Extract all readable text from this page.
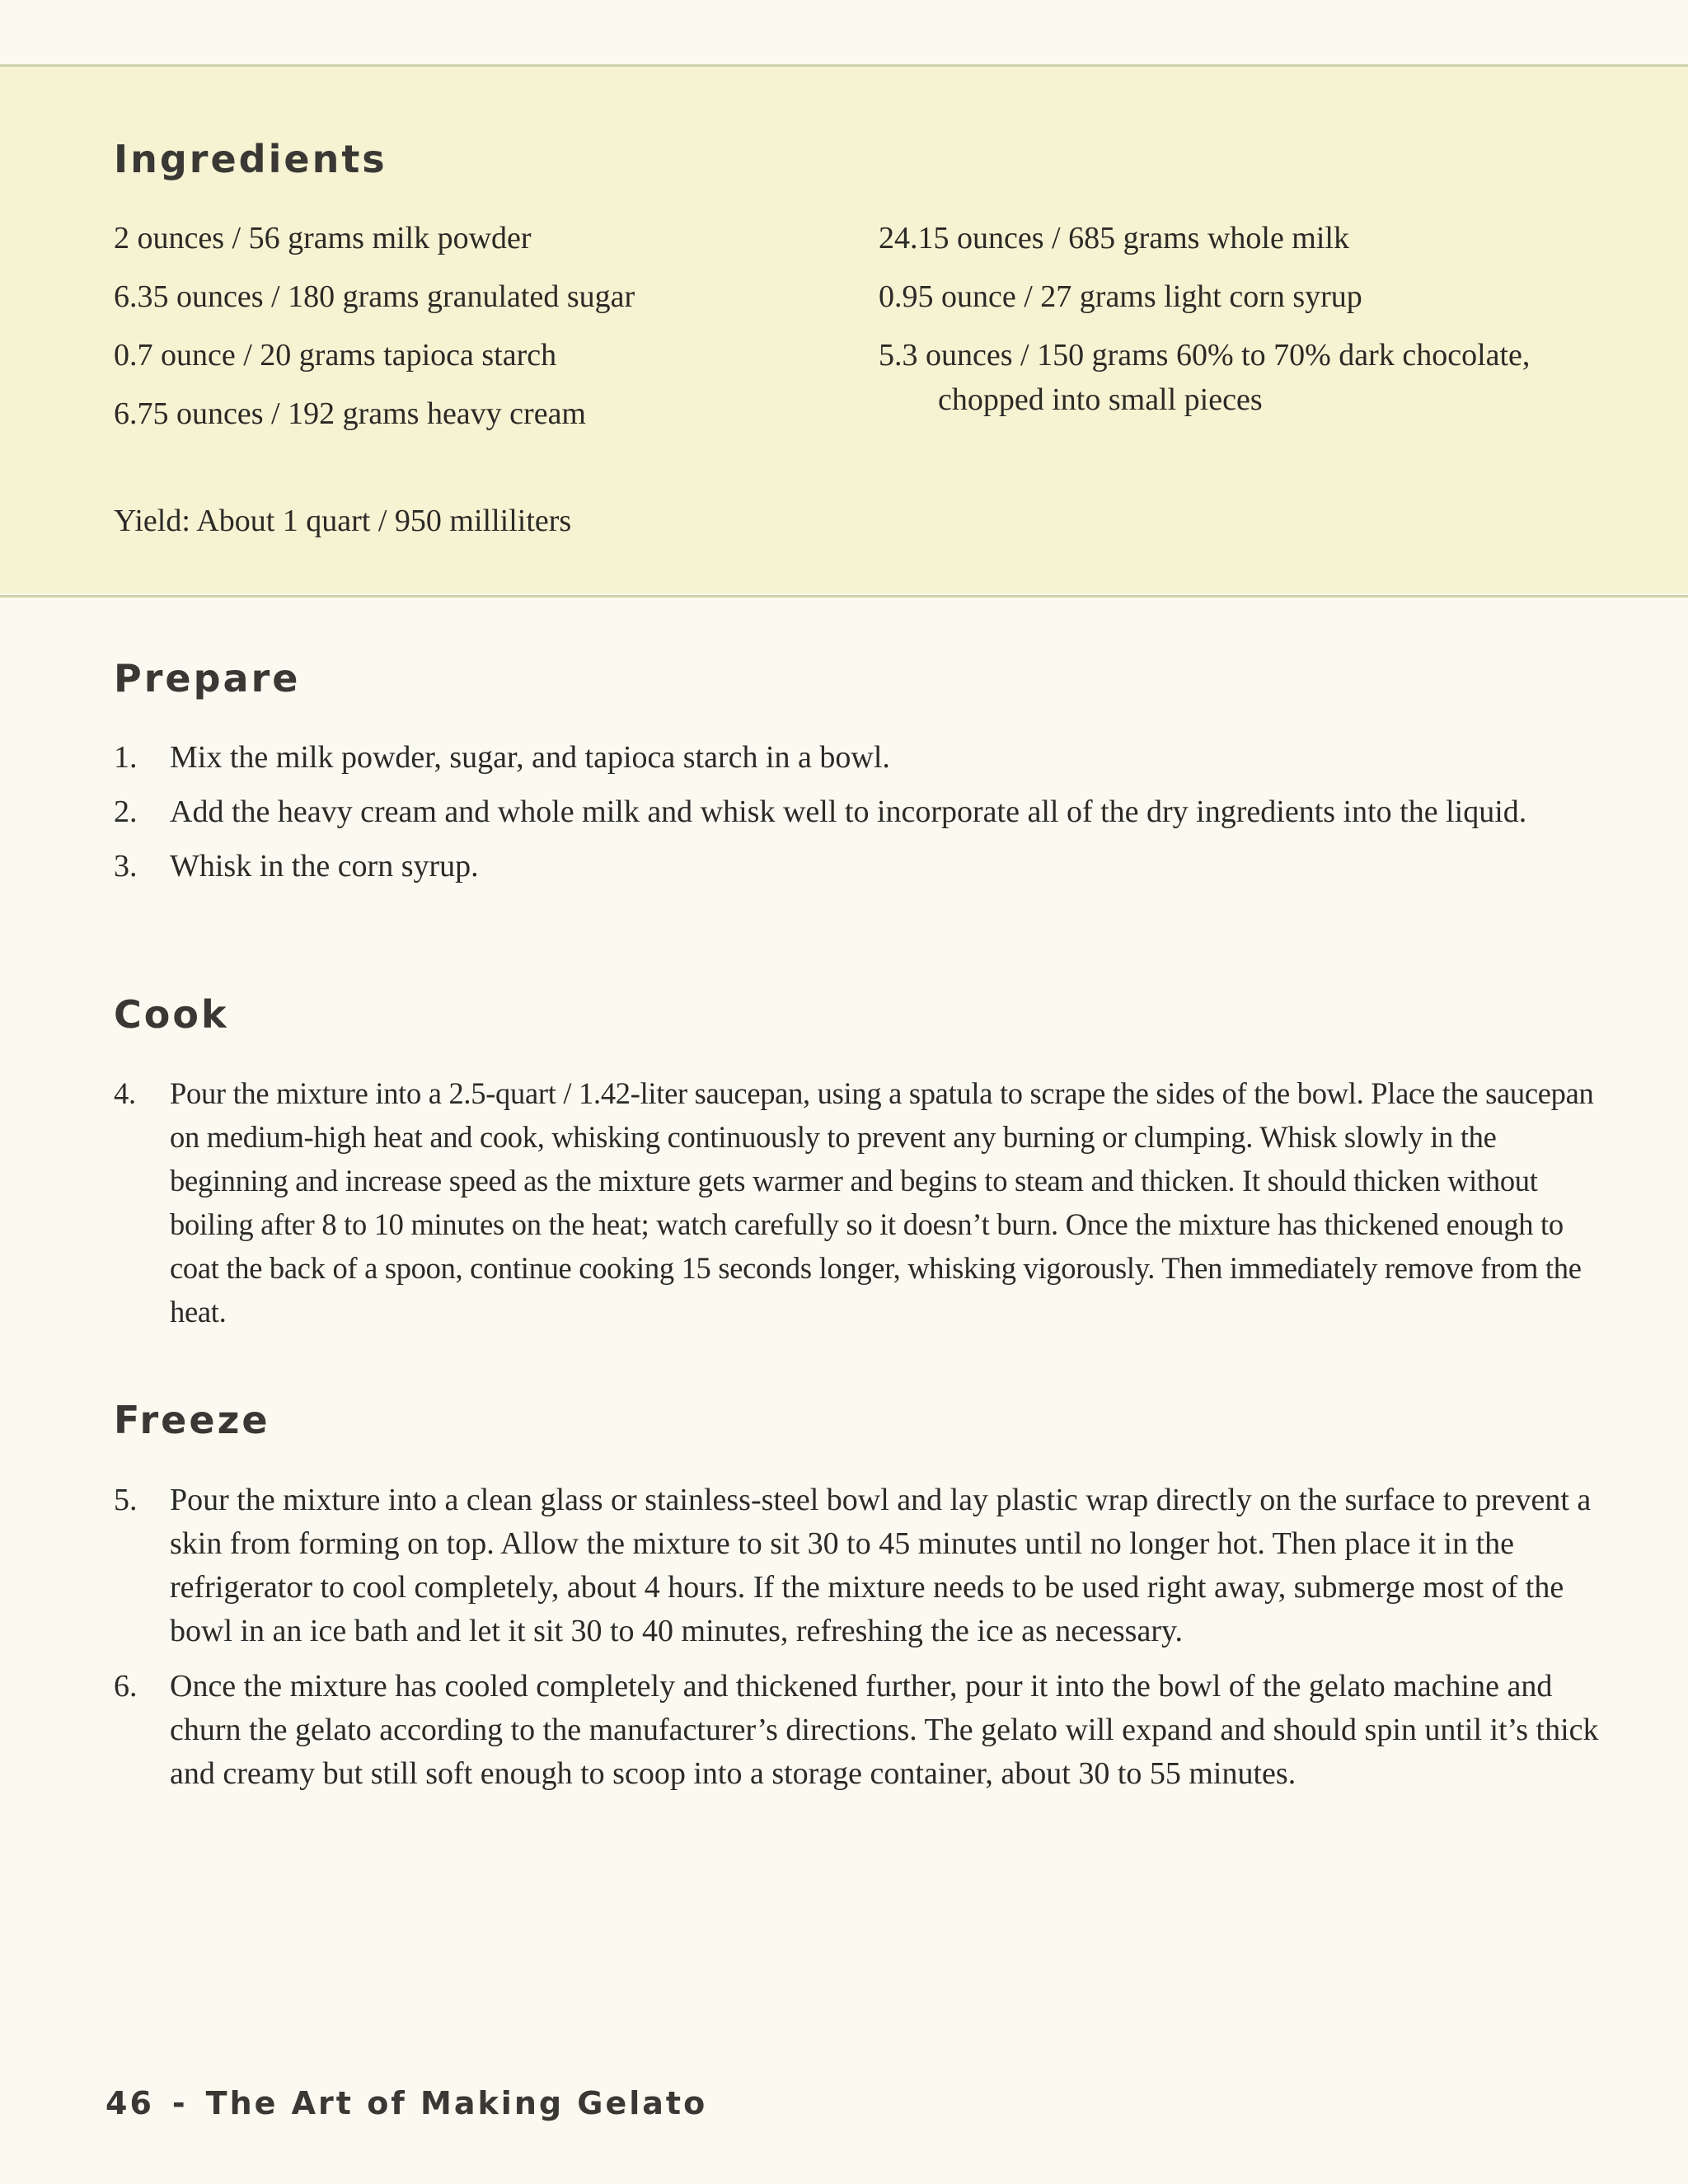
Ingredients
2 ounces / 56 grams milk powder
6.35 ounces / 180 grams granulated sugar
0.7 ounce / 20 grams tapioca starch
6.75 ounces / 192 grams heavy cream
24.15 ounces / 685 grams whole milk
0.95 ounce / 27 grams light corn syrup
5.3 ounces / 150 grams 60% to 70% dark chocolate, chopped into small pieces

Yield: About 1 quart / 950 milliliters

Prepare
1. Mix the milk powder, sugar, and tapioca starch in a bowl.
2. Add the heavy cream and whole milk and whisk well to incorporate all of the dry ingredients into the liquid.
3. Whisk in the corn syrup.
Cook
4. Pour the mixture into a 2.5-quart / 1.42-liter saucepan, using a spatula to scrape the sides of the bowl. Place the saucepan on medium-high heat and cook, whisking continuously to prevent any burning or clumping. Whisk slowly in the beginning and increase speed as the mixture gets warmer and begins to steam and thicken. It should thicken without boiling after 8 to 10 minutes on the heat; watch carefully so it doesn’t burn. Once the mixture has thickened enough to coat the back of a spoon, continue cooking 15 seconds longer, whisking vigorously. Then immediately remove from the heat.
Freeze
5. Pour the mixture into a clean glass or stainless-steel bowl and lay plastic wrap directly on the surface to prevent a skin from forming on top. Allow the mixture to sit 30 to 45 minutes until no longer hot. Then place it in the refrigerator to cool completely, about 4 hours. If the mixture needs to be used right away, submerge most of the bowl in an ice bath and let it sit 30 to 40 minutes, refreshing the ice as necessary.
6. Once the mixture has cooled completely and thickened further, pour it into the bowl of the gelato machine and churn the gelato according to the manufacturer’s directions. The gelato will expand and should spin until it’s thick and creamy but still soft enough to scoop into a storage container, about 30 to 55 minutes.

46 - The Art of Making Gelato
